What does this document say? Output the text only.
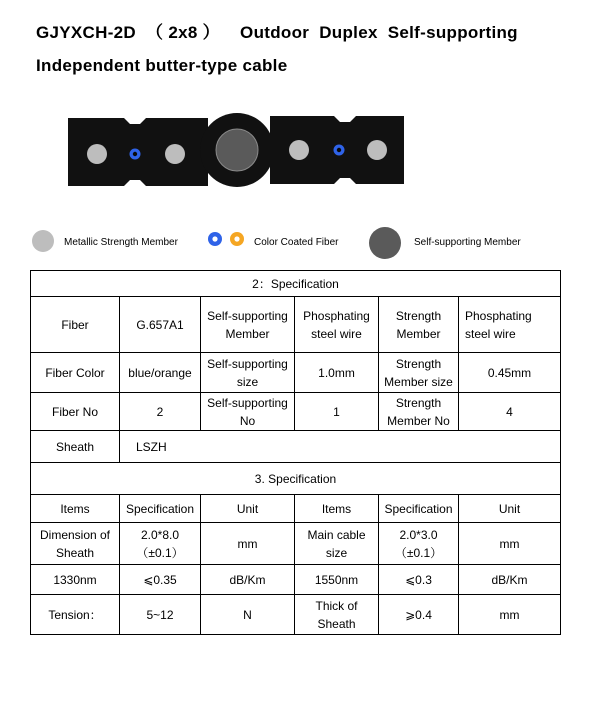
GJYXCH-2D  （ 2x8 ）    Outdoor  Duplex  Self-supporting
Independent butter-type cable
Metallic Strength Member	Color Coated Fiber	Self-supporting Member
2：Specification					
Fiber	G.657A1	Self-supporting Member	Phosphating steel wire	Strength Member	Phosphating steel wire
Fiber Color	blue/orange	Self-supporting size	1.0mm	Strength Member size	0.45mm
Fiber No	2	Self-supporting No	1	Strength Member No	4
Sheath	LSZH				
3. Specification					
Items	Specification	Unit	Items	Specification	Unit
Dimension of Sheath	2.0*8.0 （±0.1）	mm	Main cable size	2.0*3.0 （±0.1）	mm
1330nm	⩽0.35	dB/Km	1550nm	⩽0.3	dB/Km
Tension：	5~12	N	Thick of Sheath	⩾0.4	mm
